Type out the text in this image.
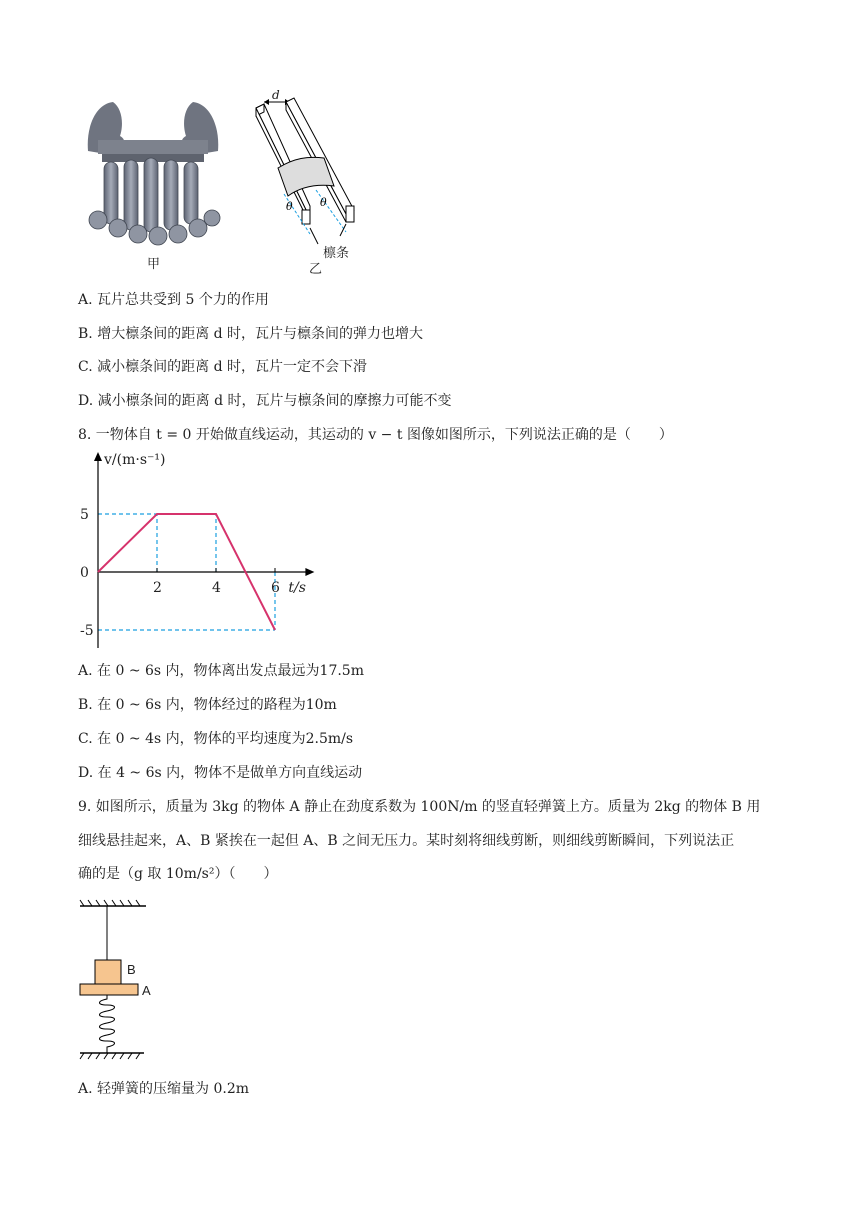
甲
θ θ
d
檩条
乙
A. 瓦片总共受到 5 个力的作用
B. 增大檩条间的距离 d 时，瓦片与檩条间的弹力也增大
C. 减小檩条间的距离 d 时，瓦片一定不会下滑
D. 减小檩条间的距离 d 时，瓦片与檩条间的摩擦力可能不变
8. 一物体自 t = 0 开始做直线运动，其运动的 v − t 图像如图所示，下列说法正确的是（　　）
2	4	6
5
0
-5
v/(m·s⁻¹)
t/s
A. 在 0 ~ 6s 内，物体离出发点最远为17.5m
B. 在 0 ~ 6s 内，物体经过的路程为10m
C. 在 0 ~ 4s 内，物体的平均速度为2.5m/s
D. 在 4 ~ 6s 内，物体不是做单方向直线运动
9. 如图所示，质量为 3kg 的物体 A 静止在劲度系数为 100N/m 的竖直轻弹簧上方。质量为 2kg 的物体 B 用
细线悬挂起来，A、B 紧挨在一起但 A、B 之间无压力。某时刻将细线剪断，则细线剪断瞬间，下列说法正
确的是（g 取 10m/s²）（　　）
B
A
A. 轻弹簧的压缩量为 0.2m
